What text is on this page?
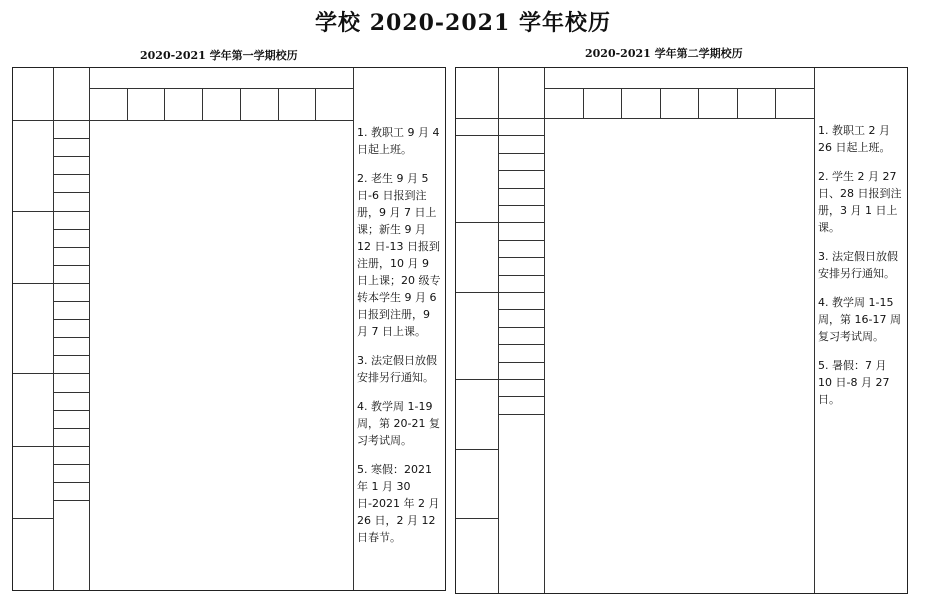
学校 2020-2021 学年校历
2020-2021 学年第一学期校历	2020-2021 学年第二学期校历

1. 教职工 9 月 4 日起上班。

2. 老生 9 月 5 日-6 日报到注册，9 月 7 日上课；新生 9 月 12 日-13 日报到注册，10 月 9 日上课；20 级专转本学生 9 月 6 日报到注册，9 月 7 日上课。

3. 法定假日放假安排另行通知。

4. 教学周 1-19 周，第 20-21 复习考试周。

5. 寒假：2021 年 1 月 30 日-2021 年 2 月 26 日，2 月 12 日春节。

1. 教职工 2 月 26 日起上班。

2. 学生 2 月 27 日、28 日报到注册，3 月 1 日上课。

3. 法定假日放假安排另行通知。

4. 教学周 1-15 周，第 16-17 周复习考试周。

5. 暑假：7 月 10 日-8 月 27 日。
